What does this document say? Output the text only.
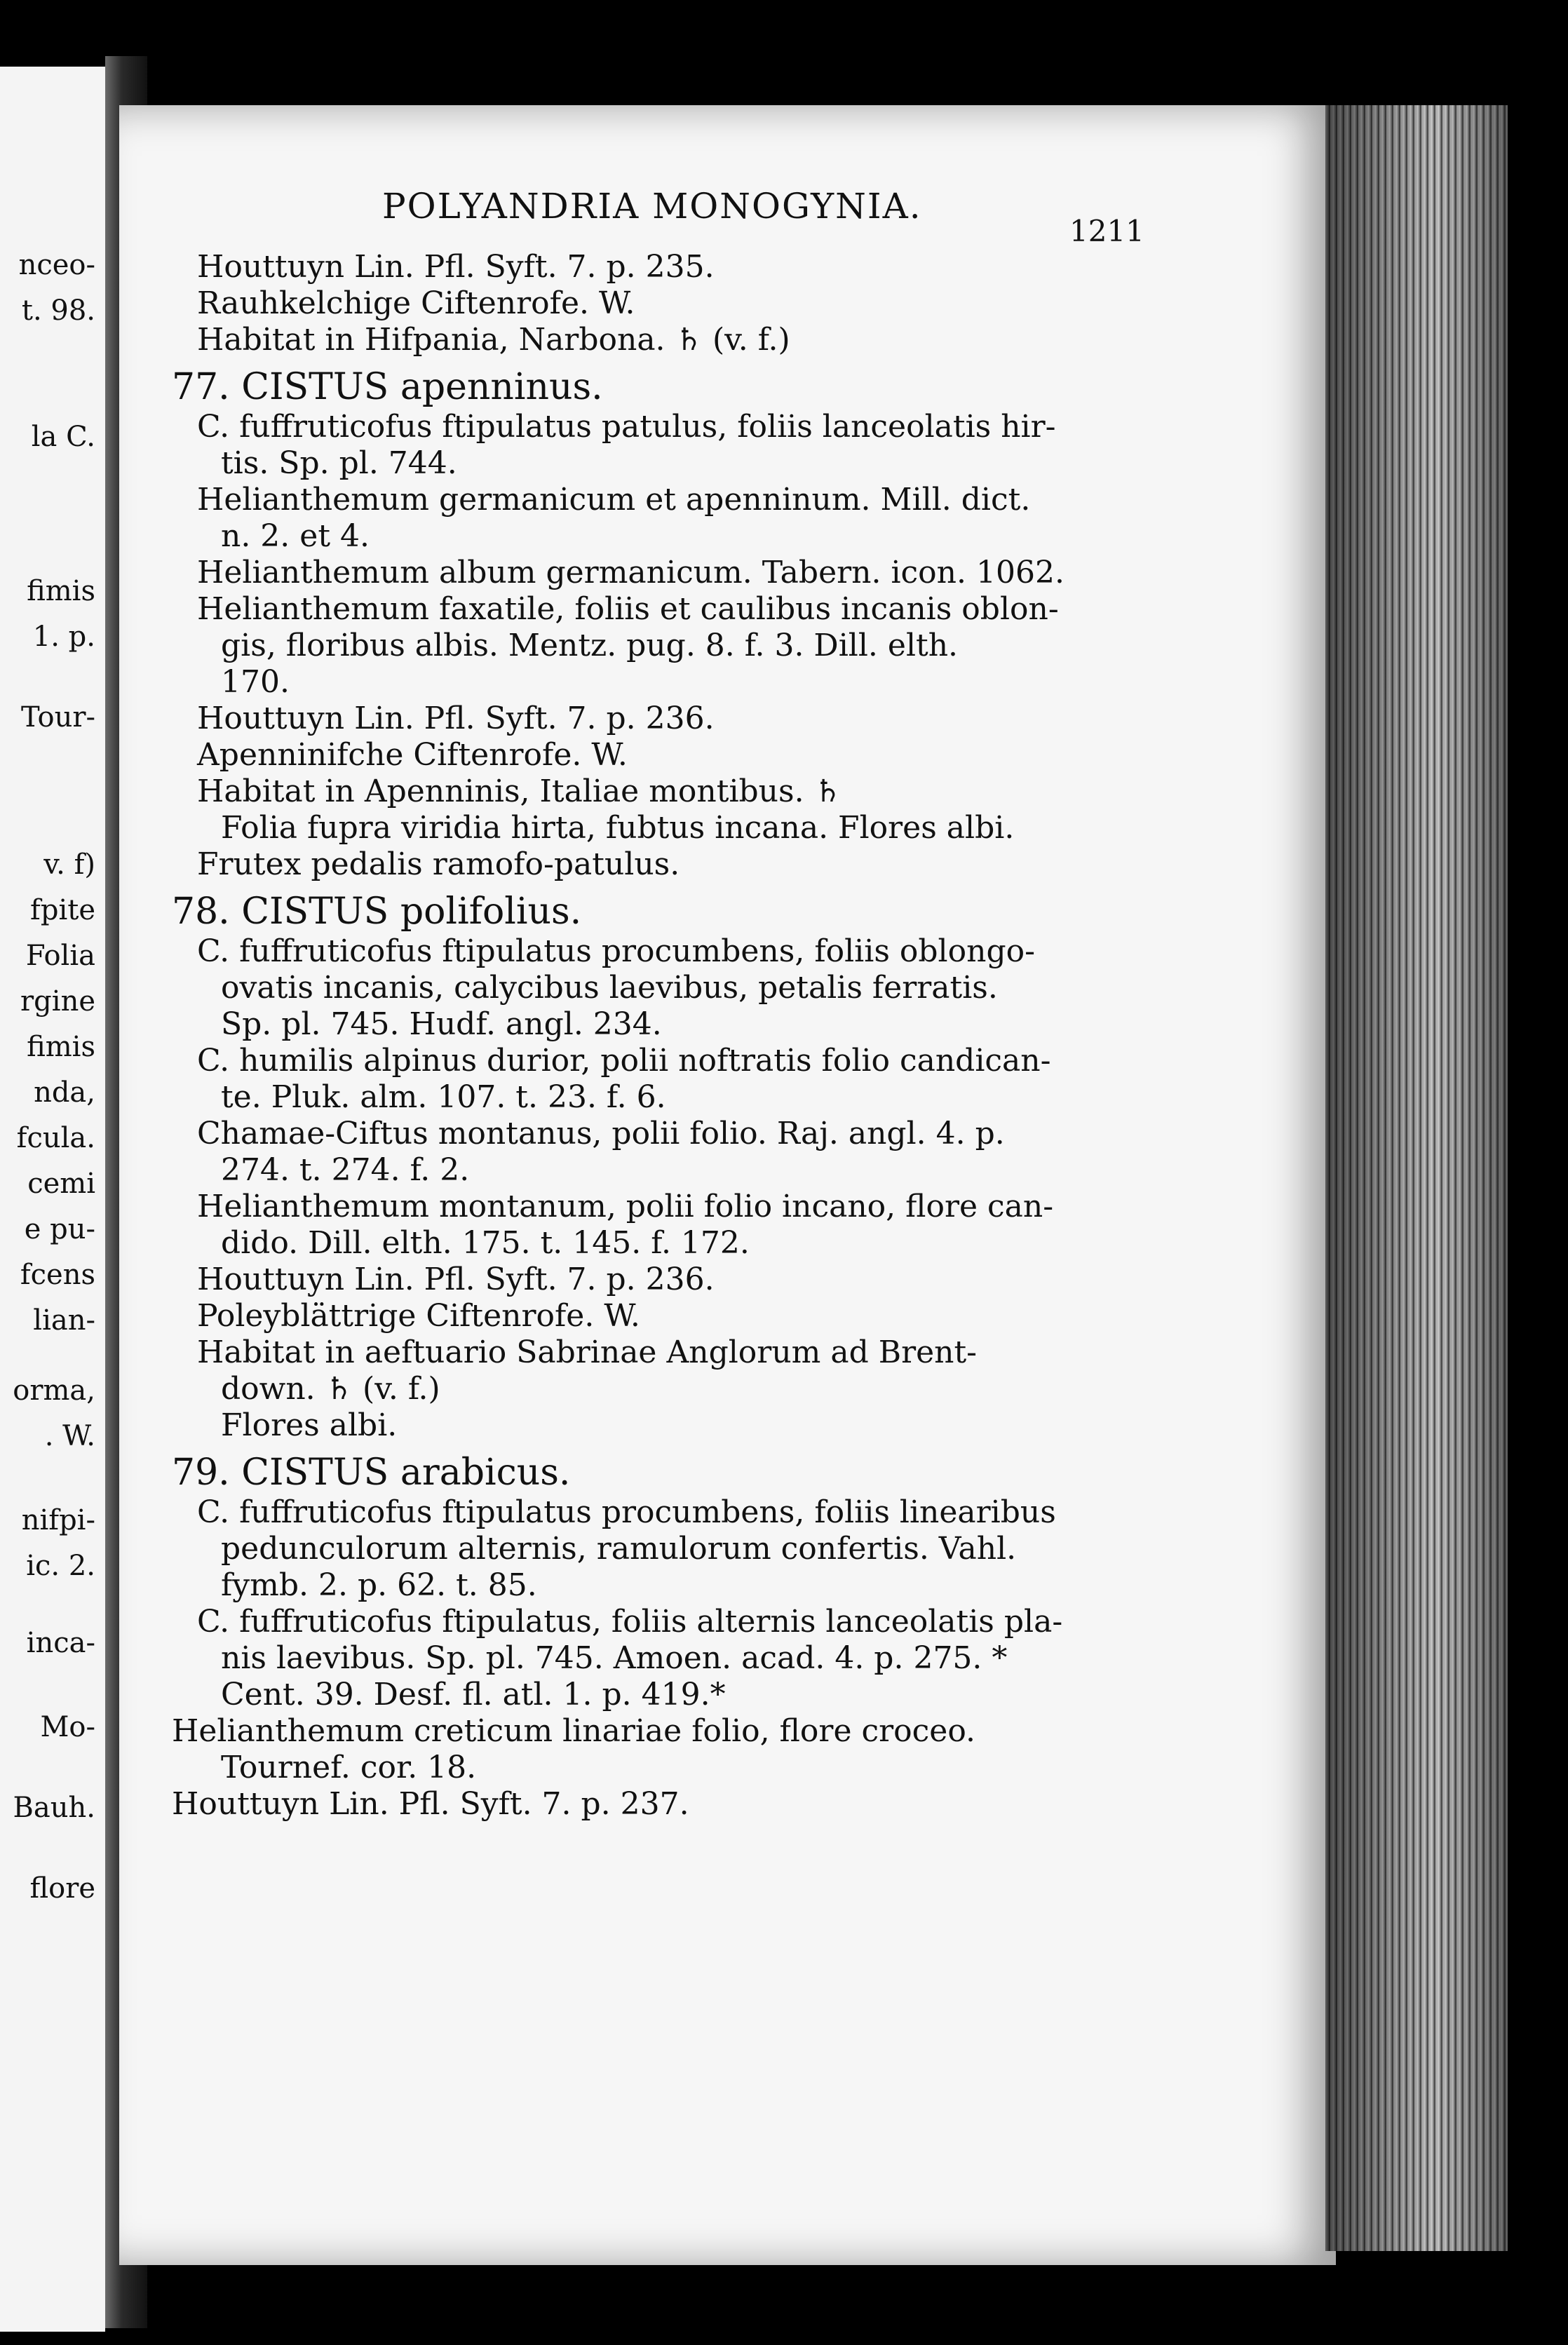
nceo-
t. 98.
la C.
fimis
1. p.
Tour-
v. f)
fpite
Folia
rgine
fimis
nda,
fcula.
cemi
e pu-
fcens
lian-
orma,
. W.
nifpi-
ic. 2.
inca-
Mo-
Bauh.
flore
POLYANDRIA MONOGYNIA.
1211
Houttuyn Lin. Pfl. Syft. 7. p. 235.
Rauhkelchige Ciftenrofe. W.
Habitat in Hifpania, Narbona. ♄ (v. f.)
77. CISTUS apenninus.
C. fuffruticofus ftipulatus patulus, foliis lanceolatis hir-
tis. Sp. pl. 744.
Helianthemum germanicum et apenninum. Mill. dict.
n. 2. et 4.
Helianthemum album germanicum. Tabern. icon. 1062.
Helianthemum faxatile, foliis et caulibus incanis oblon-
gis, floribus albis. Mentz. pug. 8. f. 3. Dill. elth.
170.
Houttuyn Lin. Pfl. Syft. 7. p. 236.
Apenninifche Ciftenrofe. W.
Habitat in Apenninis, Italiae montibus. ♄
Folia fupra viridia hirta, fubtus incana. Flores albi.
Frutex pedalis ramofo-patulus.
78. CISTUS polifolius.
C. fuffruticofus ftipulatus procumbens, foliis oblongo-
ovatis incanis, calycibus laevibus, petalis ferratis.
Sp. pl. 745. Hudf. angl. 234.
C. humilis alpinus durior, polii noftratis folio candican-
te. Pluk. alm. 107. t. 23. f. 6.
Chamae-Ciftus montanus, polii folio. Raj. angl. 4. p.
274. t. 274. f. 2.
Helianthemum montanum, polii folio incano, flore can-
dido. Dill. elth. 175. t. 145. f. 172.
Houttuyn Lin. Pfl. Syft. 7. p. 236.
Poleyblättrige Ciftenrofe. W.
Habitat in aeftuario Sabrinae Anglorum ad Brent-
down. ♄ (v. f.)
Flores albi.
79. CISTUS arabicus.
C. fuffruticofus ftipulatus procumbens, foliis linearibus
pedunculorum alternis, ramulorum confertis. Vahl.
fymb. 2. p. 62. t. 85.
C. fuffruticofus ftipulatus, foliis alternis lanceolatis pla-
nis laevibus. Sp. pl. 745. Amoen. acad. 4. p. 275. *
Cent. 39. Desf. fl. atl. 1. p. 419.*
Helianthemum creticum linariae folio, flore croceo.
Tournef. cor. 18.
Houttuyn Lin. Pfl. Syft. 7. p. 237.
